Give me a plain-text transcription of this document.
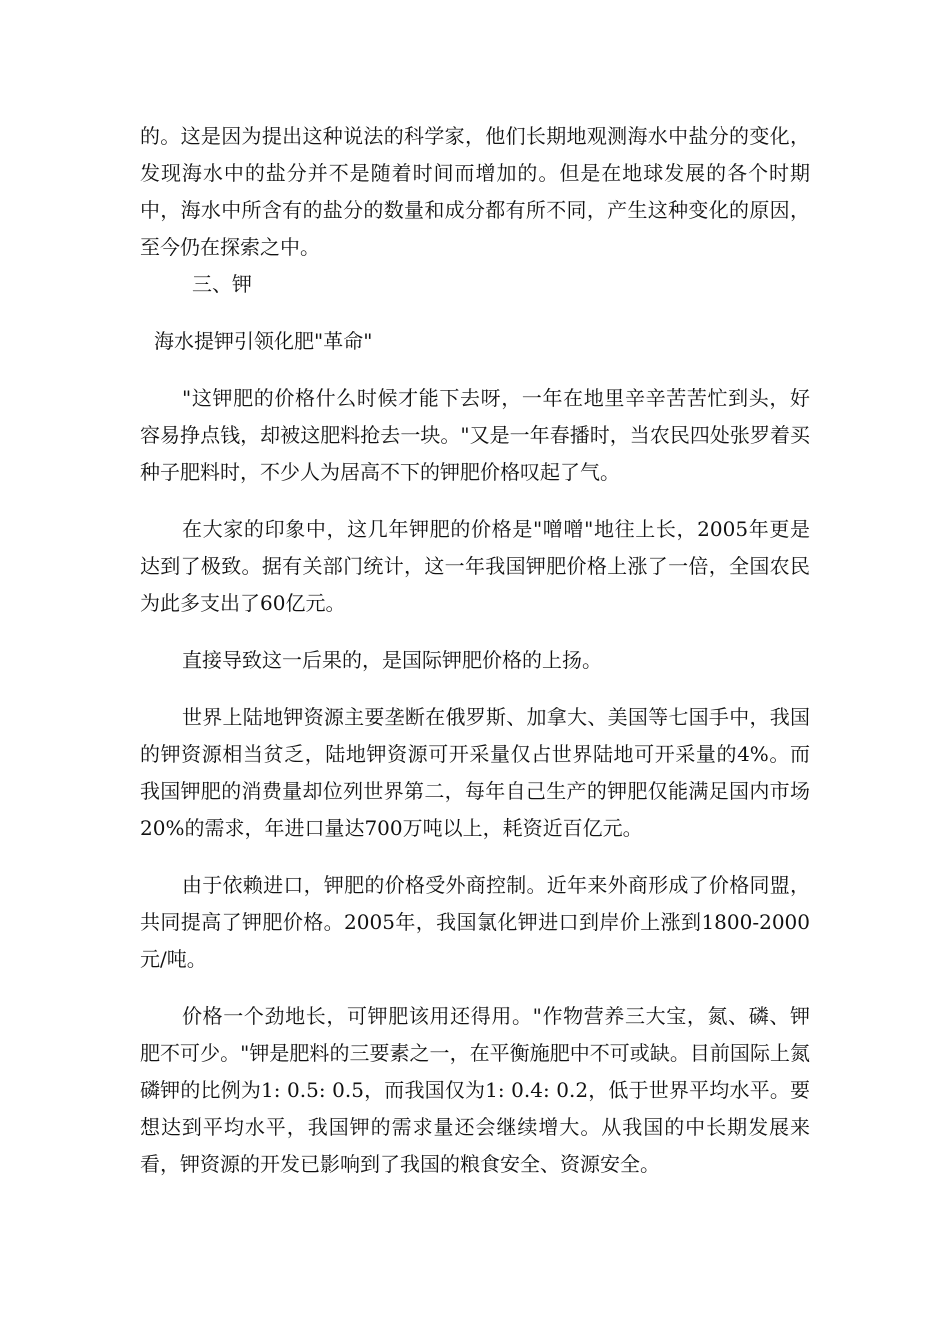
的。这是因为提出这种说法的科学家，他们长期地观测海水中盐分的变化，发现海水中的盐分并不是随着时间而增加的。但是在地球发展的各个时期中，海水中所含有的盐分的数量和成分都有所不同，产生这种变化的原因，至今仍在探索之中。

三、钾

海水提钾引领化肥"革命"

"这钾肥的价格什么时候才能下去呀，一年在地里辛辛苦苦忙到头，好容易挣点钱，却被这肥料抢去一块。"又是一年春播时，当农民四处张罗着买种子肥料时，不少人为居高不下的钾肥价格叹起了气。

在大家的印象中，这几年钾肥的价格是"噌噌"地往上长，2005年更是达到了极致。据有关部门统计，这一年我国钾肥价格上涨了一倍，全国农民为此多支出了60亿元。

直接导致这一后果的，是国际钾肥价格的上扬。

世界上陆地钾资源主要垄断在俄罗斯、加拿大、美国等七国手中，我国的钾资源相当贫乏，陆地钾资源可开采量仅占世界陆地可开采量的4%。而我国钾肥的消费量却位列世界第二，每年自己生产的钾肥仅能满足国内市场20%的需求，年进口量达700万吨以上，耗资近百亿元。

由于依赖进口，钾肥的价格受外商控制。近年来外商形成了价格同盟，共同提高了钾肥价格。2005年，我国氯化钾进口到岸价上涨到1800-2000元/吨。

价格一个劲地长，可钾肥该用还得用。"作物营养三大宝，氮、磷、钾肥不可少。"钾是肥料的三要素之一，在平衡施肥中不可或缺。目前国际上氮磷钾的比例为1: 0.5: 0.5，而我国仅为1: 0.4: 0.2，低于世界平均水平。要想达到平均水平，我国钾的需求量还会继续增大。从我国的中长期发展来看，钾资源的开发已影响到了我国的粮食安全、资源安全。
